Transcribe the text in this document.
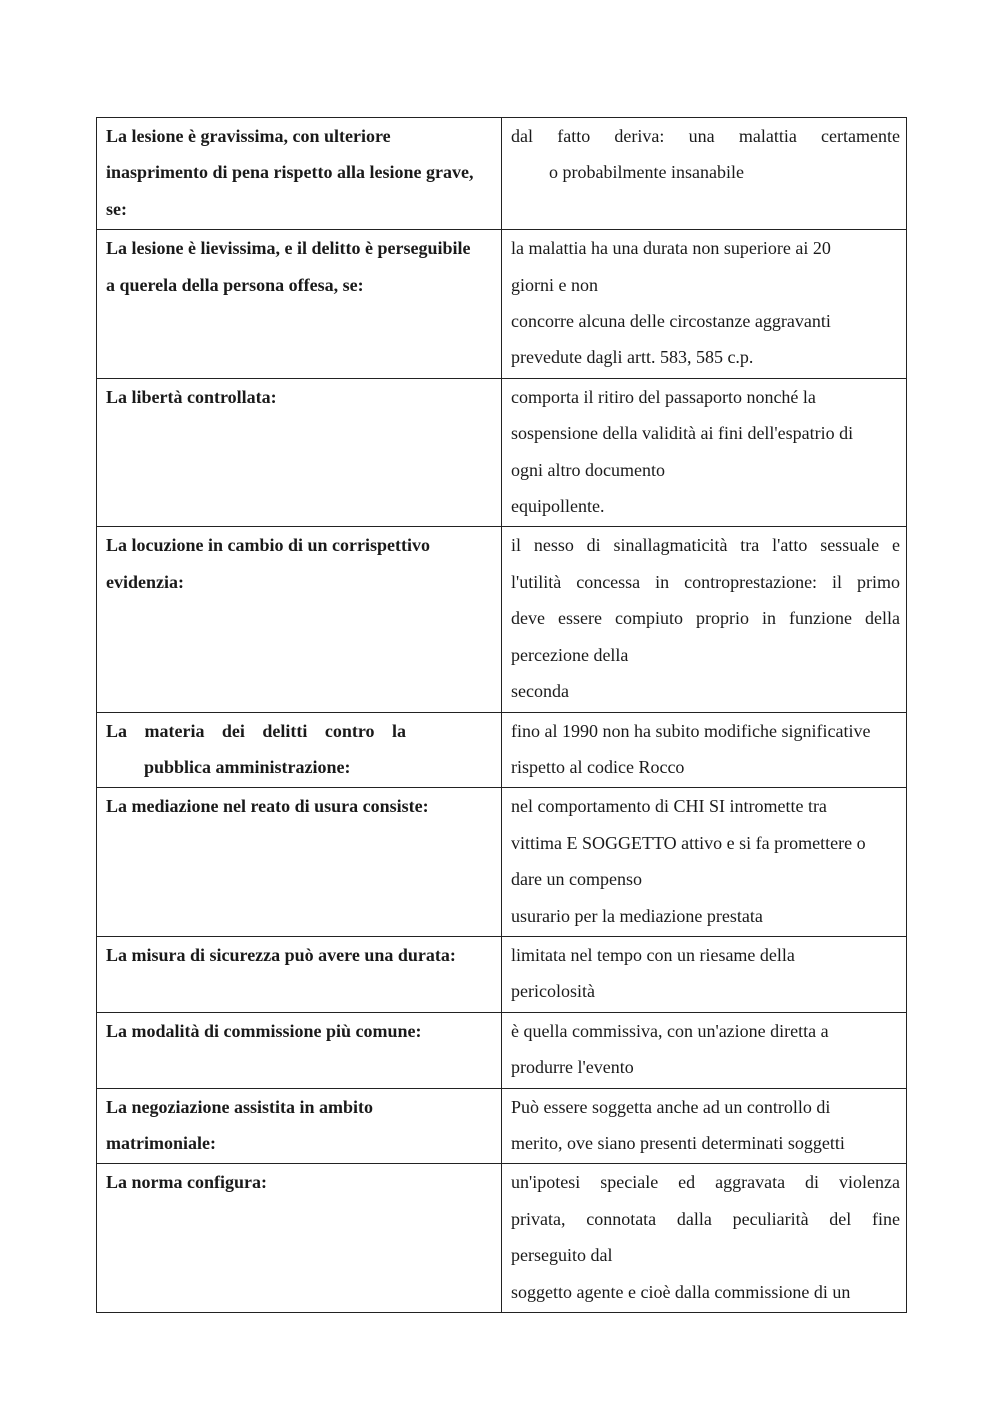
La lesione è gravissima, con ulteriore
inasprimento di pena rispetto alla lesione grave,
se:	dal fatto deriva: una malattia certamente
o probabilmente insanabile

La lesione è lievissima, e il delitto è perseguibile
a querela della persona offesa, se:	la malattia ha una durata non superiore ai 20
giorni e non
concorre alcuna delle circostanze aggravanti
prevedute dagli artt. 583, 585 c.p.

La libertà controllata:	comporta il ritiro del passaporto nonché la
sospensione della validità ai fini dell'espatrio di
ogni altro documento
equipollente.

La locuzione in cambio di un corrispettivo
evidenzia:	il nesso di sinallagmaticità tra l'atto sessuale e
l'utilità concessa in controprestazione: il primo
deve essere compiuto proprio in funzione della
percezione della
seconda

La materia dei delitti contro la
pubblica amministrazione:	fino al 1990 non ha subito modifiche significative
rispetto al codice Rocco

La mediazione nel reato di usura consiste:	nel comportamento di CHI SI intromette tra
vittima E SOGGETTO attivo e si fa promettere o
dare un compenso
usurario per la mediazione prestata

La misura di sicurezza può avere una durata:	limitata nel tempo con un riesame della
pericolosità

La modalità di commissione più comune:	è quella commissiva, con un'azione diretta a
produrre l'evento

La negoziazione assistita in ambito
matrimoniale:	Può essere soggetta anche ad un controllo di
merito, ove siano presenti determinati soggetti

La norma configura:	un'ipotesi speciale ed aggravata di violenza
privata, connotata dalla peculiarità del fine
perseguito dal
soggetto agente e cioè dalla commissione di un
